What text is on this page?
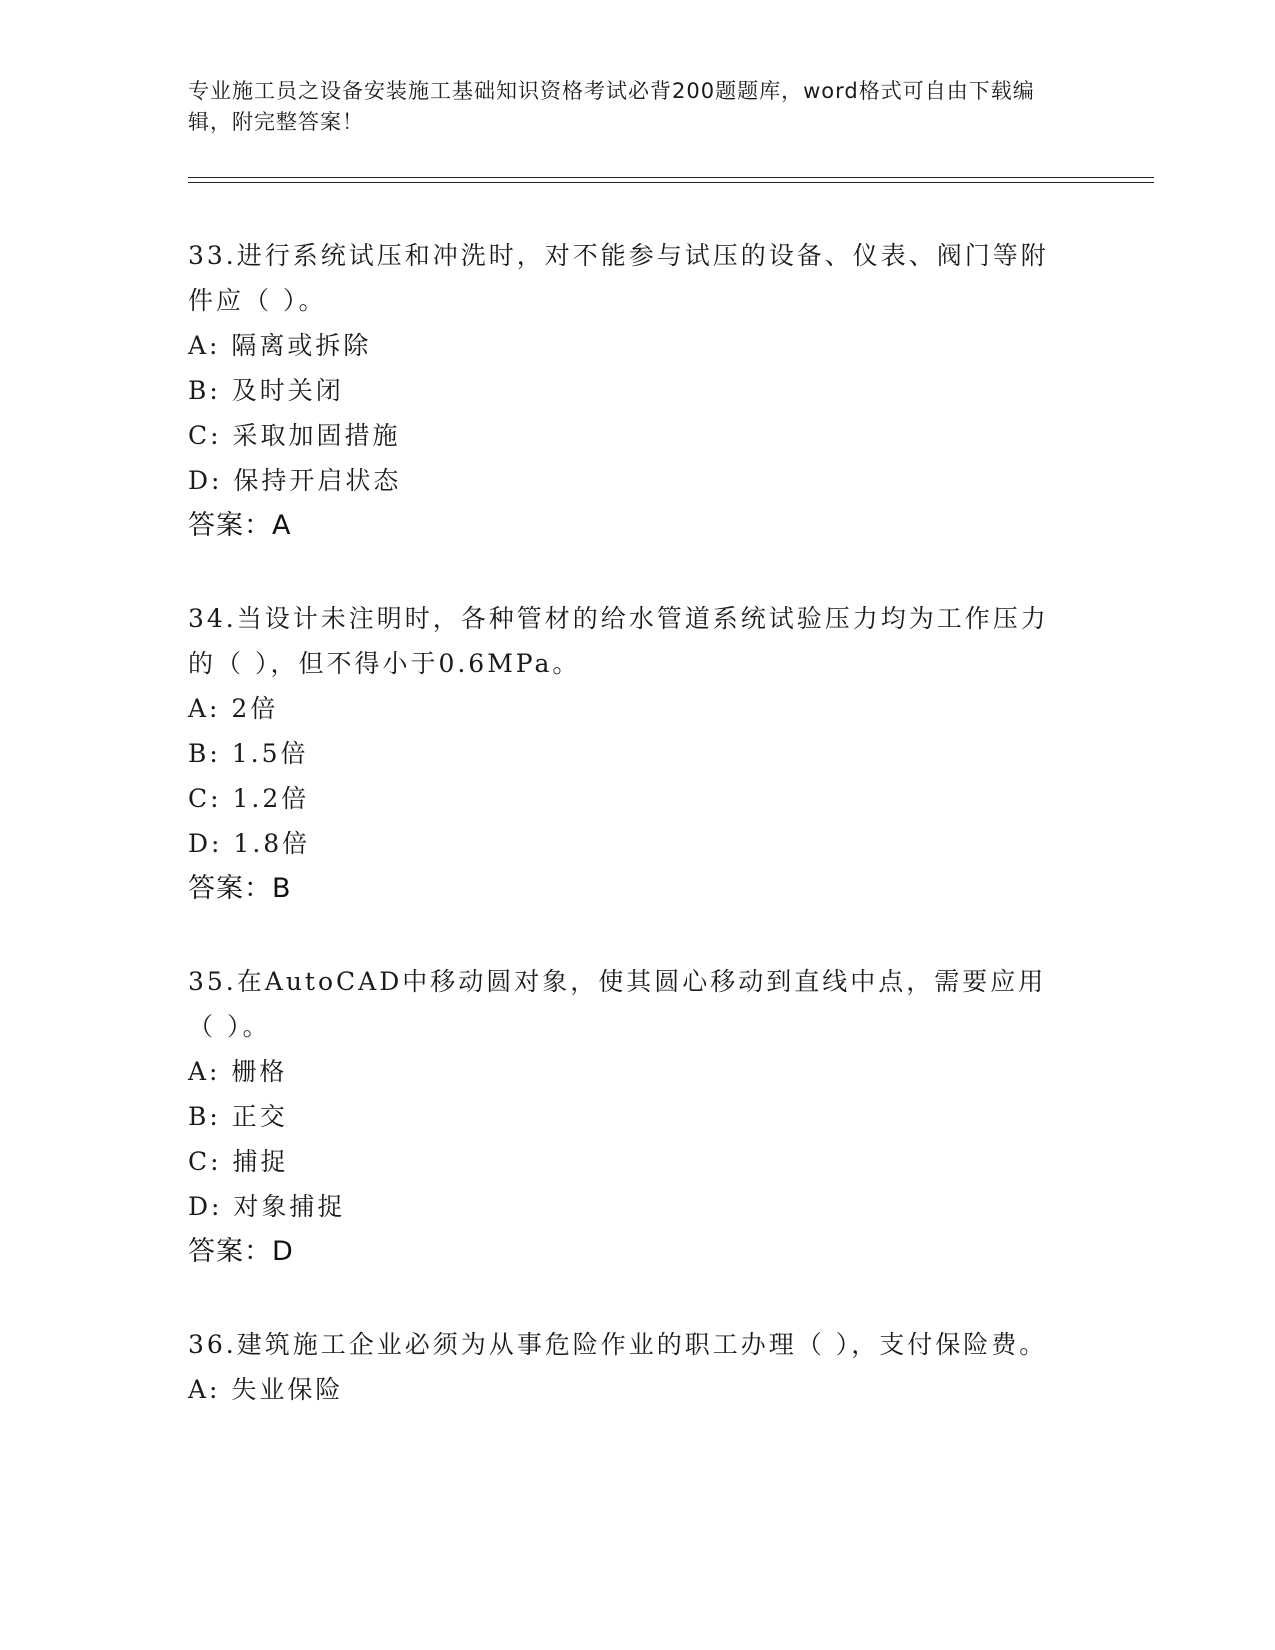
专业施工员之设备安装施工基础知识资格考试必背200题题库，word格式可自由下载编辑，附完整答案！

33.进行系统试压和冲洗时，对不能参与试压的设备、仪表、阀门等附件应（ ）。

A: 隔离或拆除

B: 及时关闭

C: 采取加固措施

D: 保持开启状态

答案：A

34.当设计未注明时，各种管材的给水管道系统试验压力均为工作压力的（ ），但不得小于0.6MPa。

A: 2倍

B: 1.5倍

C: 1.2倍

D: 1.8倍

答案：B

35.在AutoCAD中移动圆对象，使其圆心移动到直线中点，需要应用（ ）。

A: 栅格

B: 正交

C: 捕捉

D: 对象捕捉

答案：D

36.建筑施工企业必须为从事危险作业的职工办理（ ），支付保险费。

A: 失业保险
